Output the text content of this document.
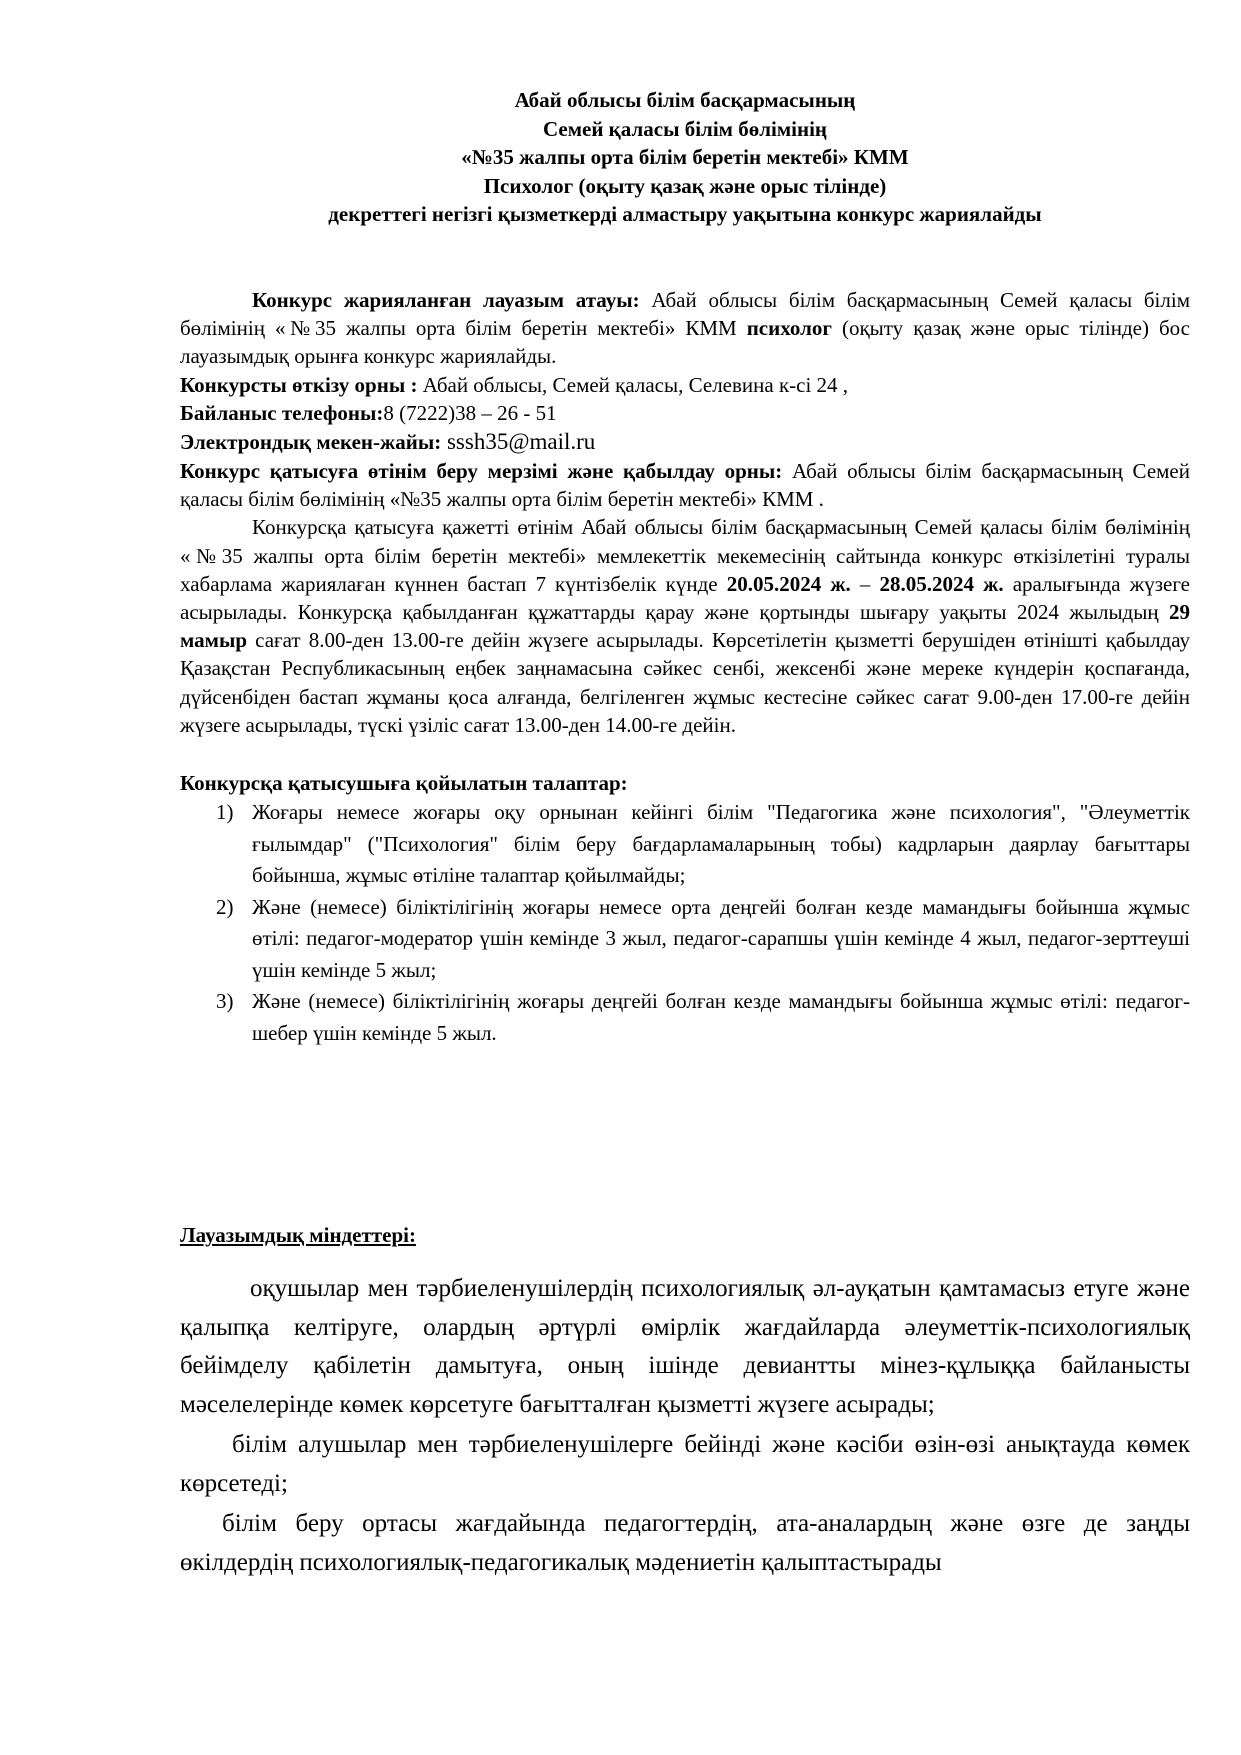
Абай облысы білім басқармасының
Семей қаласы білім бөлімінің
«№35 жалпы орта білім беретін мектебі» КММ
Психолог (оқыту қазақ және орыс тілінде)
декреттегі негізгі қызметкерді алмастыру уақытына конкурс жариялайды

Конкурс жарияланған лауазым атауы: Абай облысы білім басқармасының Семей қаласы білім бөлімінің «№35 жалпы орта білім беретін мектебі» КММ психолог (оқыту қазақ және орыс тілінде) бос лауазымдық орынға конкурс жариялайды.

Конкурсты өткізу орны : Абай облысы, Семей қаласы, Селевина к-сі 24 ,

Байланыс телефоны:8 (7222)38 – 26 - 51

Электрондық мекен-жайы: sssh35@mail.ru

Конкурс қатысуға өтінім беру мерзімі және қабылдау орны: Абай облысы білім басқармасының Семей қаласы білім бөлімінің «№35 жалпы орта білім беретін мектебі» КММ .

Конкурсқа қатысуға қажетті өтінім Абай облысы білім басқармасының Семей қаласы білім бөлімінің «№35 жалпы орта білім беретін мектебі» мемлекеттік мекемесінің сайтында конкурс өткізілетіні туралы хабарлама жариялаған күннен бастап 7 күнтізбелік күнде 20.05.2024 ж. – 28.05.2024 ж. аралығында жүзеге асырылады. Конкурсқа қабылданған құжаттарды қарау және қортынды шығару уақыты 2024 жылыдың 29 мамыр сағат 8.00-ден 13.00-ге дейін жүзеге асырылады. Көрсетілетін қызметті берушіден өтінішті қабылдау Қазақстан Республикасының еңбек заңнамасына сәйкес сенбі, жексенбі және мереке күндерін қоспағанда, дүйсенбіден бастап жұманы қоса алғанда, белгіленген жұмыс кестесіне сәйкес сағат 9.00-ден 17.00-ге дейін жүзеге асырылады, түскі үзіліс сағат 13.00-ден 14.00-ге дейін.

Конкурсқа қатысушыға қойылатын талаптар:

1) Жоғары немесе жоғары оқу орнынан кейінгі білім "Педагогика және психология", "Әлеуметтік ғылымдар" ("Психология" білім беру бағдарламаларының тобы) кадрларын даярлау бағыттары бойынша, жұмыс өтіліне талаптар қойылмайды;
2) Және (немесе) біліктілігінің жоғары немесе орта деңгейі болған кезде мамандығы бойынша жұмыс өтілі: педагог-модератор үшін кемінде 3 жыл, педагог-сарапшы үшін кемінде 4 жыл, педагог-зерттеуші үшін кемінде 5 жыл;
3) Және (немесе) біліктілігінің жоғары деңгейі болған кезде мамандығы бойынша жұмыс өтілі: педагог-шебер үшін кемінде 5 жыл.
Лауазымдық міндеттері:

оқушылар мен тәрбиеленушілердің психологиялық әл-ауқатын қамтамасыз етуге және қалыпқа келтіруге, олардың әртүрлі өмірлік жағдайларда әлеуметтік-психологиялық бейімделу қабілетін дамытуға, оның ішінде девиантты мінез-құлыққа байланысты мәселелерінде көмек көрсетуге бағытталған қызметті жүзеге асырады;

білім алушылар мен тәрбиеленушілерге бейінді және кәсіби өзін-өзі анықтауда көмек көрсетеді;

білім беру ортасы жағдайында педагогтердің, ата-аналардың және өзге де заңды өкілдердің психологиялық-педагогикалық мәдениетін қалыптастырады
